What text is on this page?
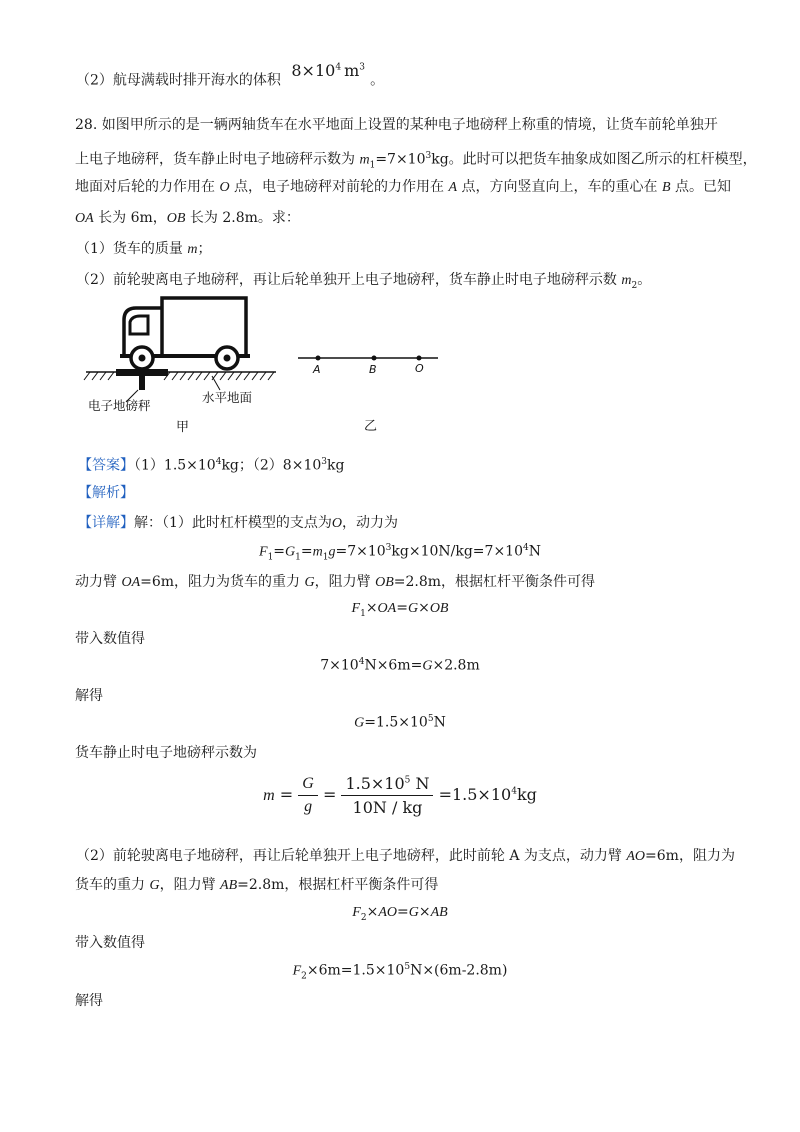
（2）航母满载时排开海水的体积 $8\times 10^4$ $m^3$ 。
28. 如图甲所示的是一辆两轴货车在水平地面上设置的某种电子地磅秤上称重的情境，让货车前轮单独开
上电子地磅秤，货车静止时电子地磅秤示数为 $m_1=7\times 10^3kg$。此时可以把货车抽象成如图乙所示的杠杆模型，
地面对后轮的力作用在 O 点，电子地磅秤对前轮的力作用在 A 点，方向竖直向上，车的重心在 B 点。已知
OA 长为 6m，OB 长为 2.8m。求：
（1）货车的质量 m；
（2）前轮驶离电子地磅秤，再让后轮单独开上电子地磅秤，货车静止时电子地磅秤示数 $m_2$。
电子地磅秤
水平地面
甲
A	B	O
乙
【答案】$(1)1.5\times 10^4kg$；$(2)8\times 10^3kg$
【解析】
【详解】解：（1）此时杠杆模型的支点为O，动力为
$F_1=G_1=m_1g=7\times 10^3kg\times 10N/kg=7\times 10^4N$
动力臂 OA=6m，阻力为货车的重力 G，阻力臂 OB=2.8m，根据杠杆平衡条件可得
$F_1\times OA=G\times OB$
带入数值得
$7\times 10^4N\times 6m=G\times 2.8m$
解得
$G=1.5\times 10^5N$
货车静止时电子地磅秤示数为
$m = \frac{G}{g} = \frac{1.5\times 10^5 N}{10N / kg} =1.5\times 10^4kg$
（2）前轮驶离电子地磅秤，再让后轮单独开上电子地磅秤，此时前轮 A 为支点，动力臂 AO=6m，阻力为
货车的重力 G，阻力臂 AB=2.8m，根据杠杆平衡条件可得
$F_2\times AO=G\times AB$
带入数值得
$F_2\times 6m=1.5\times 10^5N\times(6m-2.8m)$
解得
